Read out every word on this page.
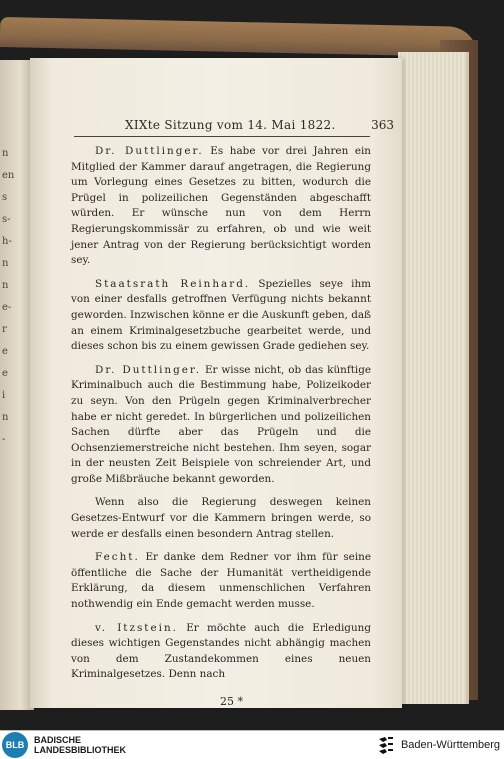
n
en
s
s-
h-
n
n
e-
r
e
e
i
n
-
XIXte Sitzung vom 14. Mai 1822.	363

Dr. Duttlinger. Es habe vor drei Jahren ein Mitglied der Kammer darauf angetragen, die Regierung um Vorlegung eines Gesetzes zu bitten, wodurch die Prügel in polizeilichen Gegenständen abgeschafft würden. Er wünsche nun von dem Herrn Regierungskommissär zu erfahren, ob und wie weit jener Antrag von der Regierung berücksichtigt worden sey.

Staatsrath Reinhard. Spezielles seye ihm von einer desfalls getroffnen Verfügung nichts bekannt geworden. Inzwischen könne er die Auskunft geben, daß an einem Kriminalgesetzbuche gearbeitet werde, und dieses schon bis zu einem gewissen Grade gediehen sey.

Dr. Duttlinger. Er wisse nicht, ob das künftige Kriminalbuch auch die Bestimmung habe, Polizeikoder zu seyn. Von den Prügeln gegen Kriminalverbrecher habe er nicht geredet. In bürgerlichen und polizeilichen Sachen dürfte aber das Prügeln und die Ochsenziemerstreiche nicht bestehen. Ihm seyen, sogar in der neusten Zeit Beispiele von schreiender Art, und große Mißbräuche bekannt geworden.

Wenn also die Regierung deswegen keinen Gesetzes-Entwurf vor die Kammern bringen werde, so werde er desfalls einen besondern Antrag stellen.

Fecht. Er danke dem Redner vor ihm für seine öffentliche die Sache der Humanität vertheidigende Erklärung, da diesem unmenschlichen Verfahren nothwendig ein Ende gemacht werden musse.

v. Itzstein. Er möchte auch die Erledigung dieses wichtigen Gegenstandes nicht abhängig machen von dem Zustandekommen eines neuen Kriminalgesetzes. Denn nach

25 *
BLB	BADISCHE
LANDESBIBLIOTHEK	Baden-Württemberg
